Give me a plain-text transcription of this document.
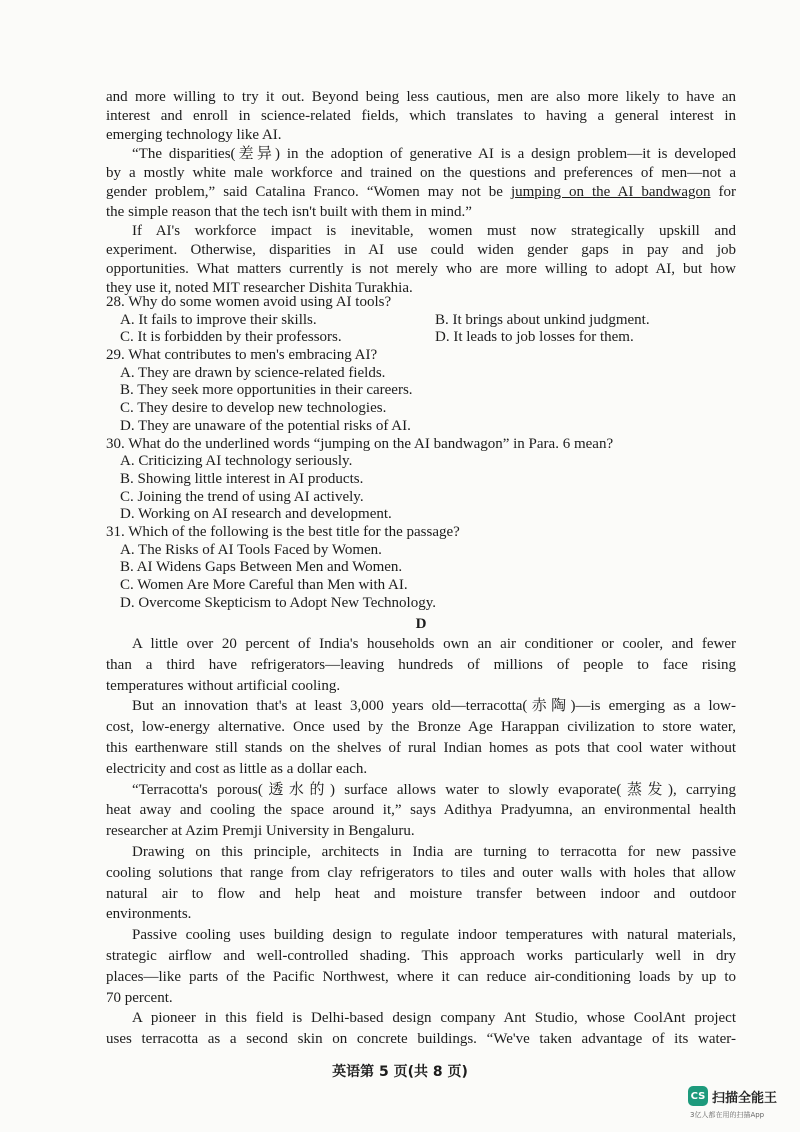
and more willing to try it out. Beyond being less cautious, men are also more likely to have an
interest and enroll in science-related fields, which translates to having a general interest in
emerging technology like AI.
“The disparities(差异) in the adoption of generative AI is a design problem—it is developed
by a mostly white male workforce and trained on the questions and preferences of men—not a
gender problem,” said Catalina Franco. “Women may not be jumping on the AI bandwagon for
the simple reason that the tech isn't built with them in mind.”
If AI's workforce impact is inevitable, women must now strategically upskill and
experiment. Otherwise, disparities in AI use could widen gender gaps in pay and job
opportunities. What matters currently is not merely who are more willing to adopt AI, but how
they use it, noted MIT researcher Dishita Turakhia.
28. Why do some women avoid using AI tools?
A. It fails to improve their skills.	B. It brings about unkind judgment.
C. It is forbidden by their professors.	D. It leads to job losses for them.
29. What contributes to men's embracing AI?
A. They are drawn by science-related fields.
B. They seek more opportunities in their careers.
C. They desire to develop new technologies.
D. They are unaware of the potential risks of AI.
30. What do the underlined words “jumping on the AI bandwagon” in Para. 6 mean?
A. Criticizing AI technology seriously.
B. Showing little interest in AI products.
C. Joining the trend of using AI actively.
D. Working on AI research and development.
31. Which of the following is the best title for the passage?
A. The Risks of AI Tools Faced by Women.
B. AI Widens Gaps Between Men and Women.
C. Women Are More Careful than Men with AI.
D. Overcome Skepticism to Adopt New Technology.
D
A little over 20 percent of India's households own an air conditioner or cooler, and fewer
than a third have refrigerators—leaving hundreds of millions of people to face rising
temperatures without artificial cooling.
But an innovation that's at least 3,000 years old—terracotta(赤陶)—is emerging as a low-
cost, low-energy alternative. Once used by the Bronze Age Harappan civilization to store water,
this earthenware still stands on the shelves of rural Indian homes as pots that cool water without
electricity and cost as little as a dollar each.
“Terracotta's porous(透水的) surface allows water to slowly evaporate(蒸发), carrying
heat away and cooling the space around it,” says Adithya Pradyumna, an environmental health
researcher at Azim Premji University in Bengaluru.
Drawing on this principle, architects in India are turning to terracotta for new passive
cooling solutions that range from clay refrigerators to tiles and outer walls with holes that allow
natural air to flow and help heat and moisture transfer between indoor and outdoor
environments.
Passive cooling uses building design to regulate indoor temperatures with natural materials,
strategic airflow and well-controlled shading. This approach works particularly well in dry
places—like parts of the Pacific Northwest, where it can reduce air-conditioning loads by up to
70 percent.
A pioneer in this field is Delhi-based design company Ant Studio, whose CoolAnt project
uses terracotta as a second skin on concrete buildings. “We've taken advantage of its water-
英语第 5 页(共 8 页)
CS 扫描全能王
3亿人都在用的扫描App
